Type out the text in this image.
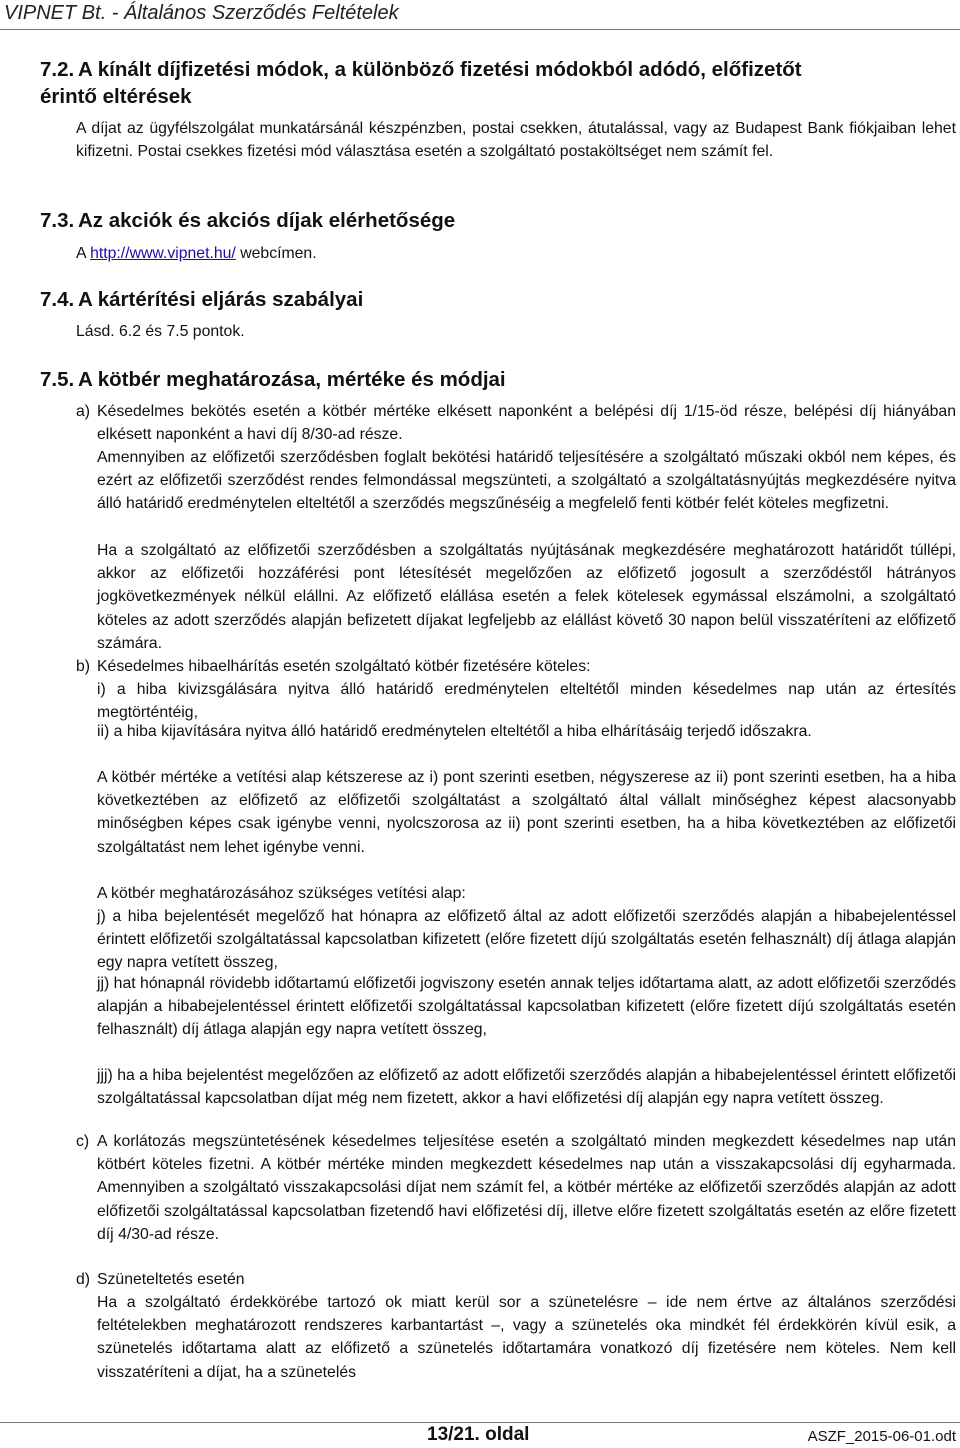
VIPNET Bt. - Általános Szerződés Feltételek
7.2. A kínált díjfizetési módok, a különböző fizetési módokból adódó, előfizetőt
érintő eltérések
A díjat az ügyfélszolgálat munkatársánál készpénzben, postai csekken, átutalással, vagy az Budapest Bank fiókjaiban lehet kifizetni. Postai csekkes fizetési mód választása esetén a szolgáltató postaköltséget nem számít fel.
7.3. Az akciók és akciós díjak elérhetősége
A http://www.vipnet.hu/ webcímen.
7.4. A kártérítési eljárás szabályai
Lásd. 6.2 és 7.5 pontok.
7.5. A kötbér meghatározása, mértéke és módjai
a) Késedelmes bekötés esetén a kötbér mértéke elkésett naponként a belépési díj 1/15-öd része, belépési díj hiányában elkésett naponként a havi díj 8/30-ad része.
Amennyiben az előfizetői szerződésben foglalt bekötési határidő teljesítésére a szolgáltató műszaki okból nem képes, és ezért az előfizetői szerződést rendes felmondással megszünteti, a szolgáltató a szolgáltatásnyújtás megkezdésére nyitva álló határidő eredménytelen elteltétől a szerződés megszűnéséig a megfelelő fenti kötbér felét köteles megfizetni.
Ha a szolgáltató az előfizetői szerződésben a szolgáltatás nyújtásának megkezdésére meghatározott határidőt túllépi, akkor az előfizetői hozzáférési pont létesítését megelőzően az előfizető jogosult a szerződéstől hátrányos jogkövetkezmények nélkül elállni. Az előfizető elállása esetén a felek kötelesek egymással elszámolni, a szolgáltató köteles az adott szerződés alapján befizetett díjakat legfeljebb az elállást követő 30 napon belül visszatéríteni az előfizető számára.
b) Késedelmes hibaelhárítás esetén szolgáltató kötbér fizetésére köteles:
i) a hiba kivizsgálására nyitva álló határidő eredménytelen elteltétől minden késedelmes nap után az értesítés megtörténtéig,
ii) a hiba kijavítására nyitva álló határidő eredménytelen elteltétől a hiba elhárításáig terjedő időszakra.
A kötbér mértéke a vetítési alap kétszerese az i) pont szerinti esetben, négyszerese az ii) pont szerinti esetben, ha a hiba következtében az előfizető az előfizetői szolgáltatást a szolgáltató által vállalt minőséghez képest alacsonyabb minőségben képes csak igénybe venni, nyolcszorosa az ii) pont szerinti esetben, ha a hiba következtében az előfizetői szolgáltatást nem lehet igénybe venni.
A kötbér meghatározásához szükséges vetítési alap:
j) a hiba bejelentését megelőző hat hónapra az előfizető által az adott előfizetői szerződés alapján a hibabejelentéssel érintett előfizetői szolgáltatással kapcsolatban kifizetett (előre fizetett díjú szolgáltatás esetén felhasznált) díj átlaga alapján egy napra vetített összeg,
jj) hat hónapnál rövidebb időtartamú előfizetői jogviszony esetén annak teljes időtartama alatt, az adott előfizetői szerződés alapján a hibabejelentéssel érintett előfizetői szolgáltatással kapcsolatban kifizetett (előre fizetett díjú szolgáltatás esetén felhasznált) díj átlaga alapján egy napra vetített összeg,
jjj) ha a hiba bejelentést megelőzően az előfizető az adott előfizetői szerződés alapján a hibabejelentéssel érintett előfizetői szolgáltatással kapcsolatban díjat még nem fizetett, akkor a havi előfizetési díj alapján egy napra vetített összeg.
c) A korlátozás megszüntetésének késedelmes teljesítése esetén a szolgáltató minden megkezdett késedelmes nap után kötbért köteles fizetni. A kötbér mértéke minden megkezdett késedelmes nap után a visszakapcsolási díj egyharmada. Amennyiben a szolgáltató visszakapcsolási díjat nem számít fel, a kötbér mértéke az előfizetői szerződés alapján az adott előfizetői szolgáltatással kapcsolatban fizetendő havi előfizetési díj, illetve előre fizetett szolgáltatás esetén az előre fizetett díj 4/30-ad része.
d) Szüneteltetés esetén
Ha a szolgáltató érdekkörébe tartozó ok miatt kerül sor a szünetelésre – ide nem értve az általános szerződési feltételekben meghatározott rendszeres karbantartást –, vagy a szünetelés oka mindkét fél érdekkörén kívül esik, a szünetelés időtartama alatt az előfizető a szünetelés időtartamára vonatkozó díj fizetésére nem köteles. Nem kell visszatéríteni a díjat, ha a szünetelés
13/21. oldal	ASZF_2015-06-01.odt
